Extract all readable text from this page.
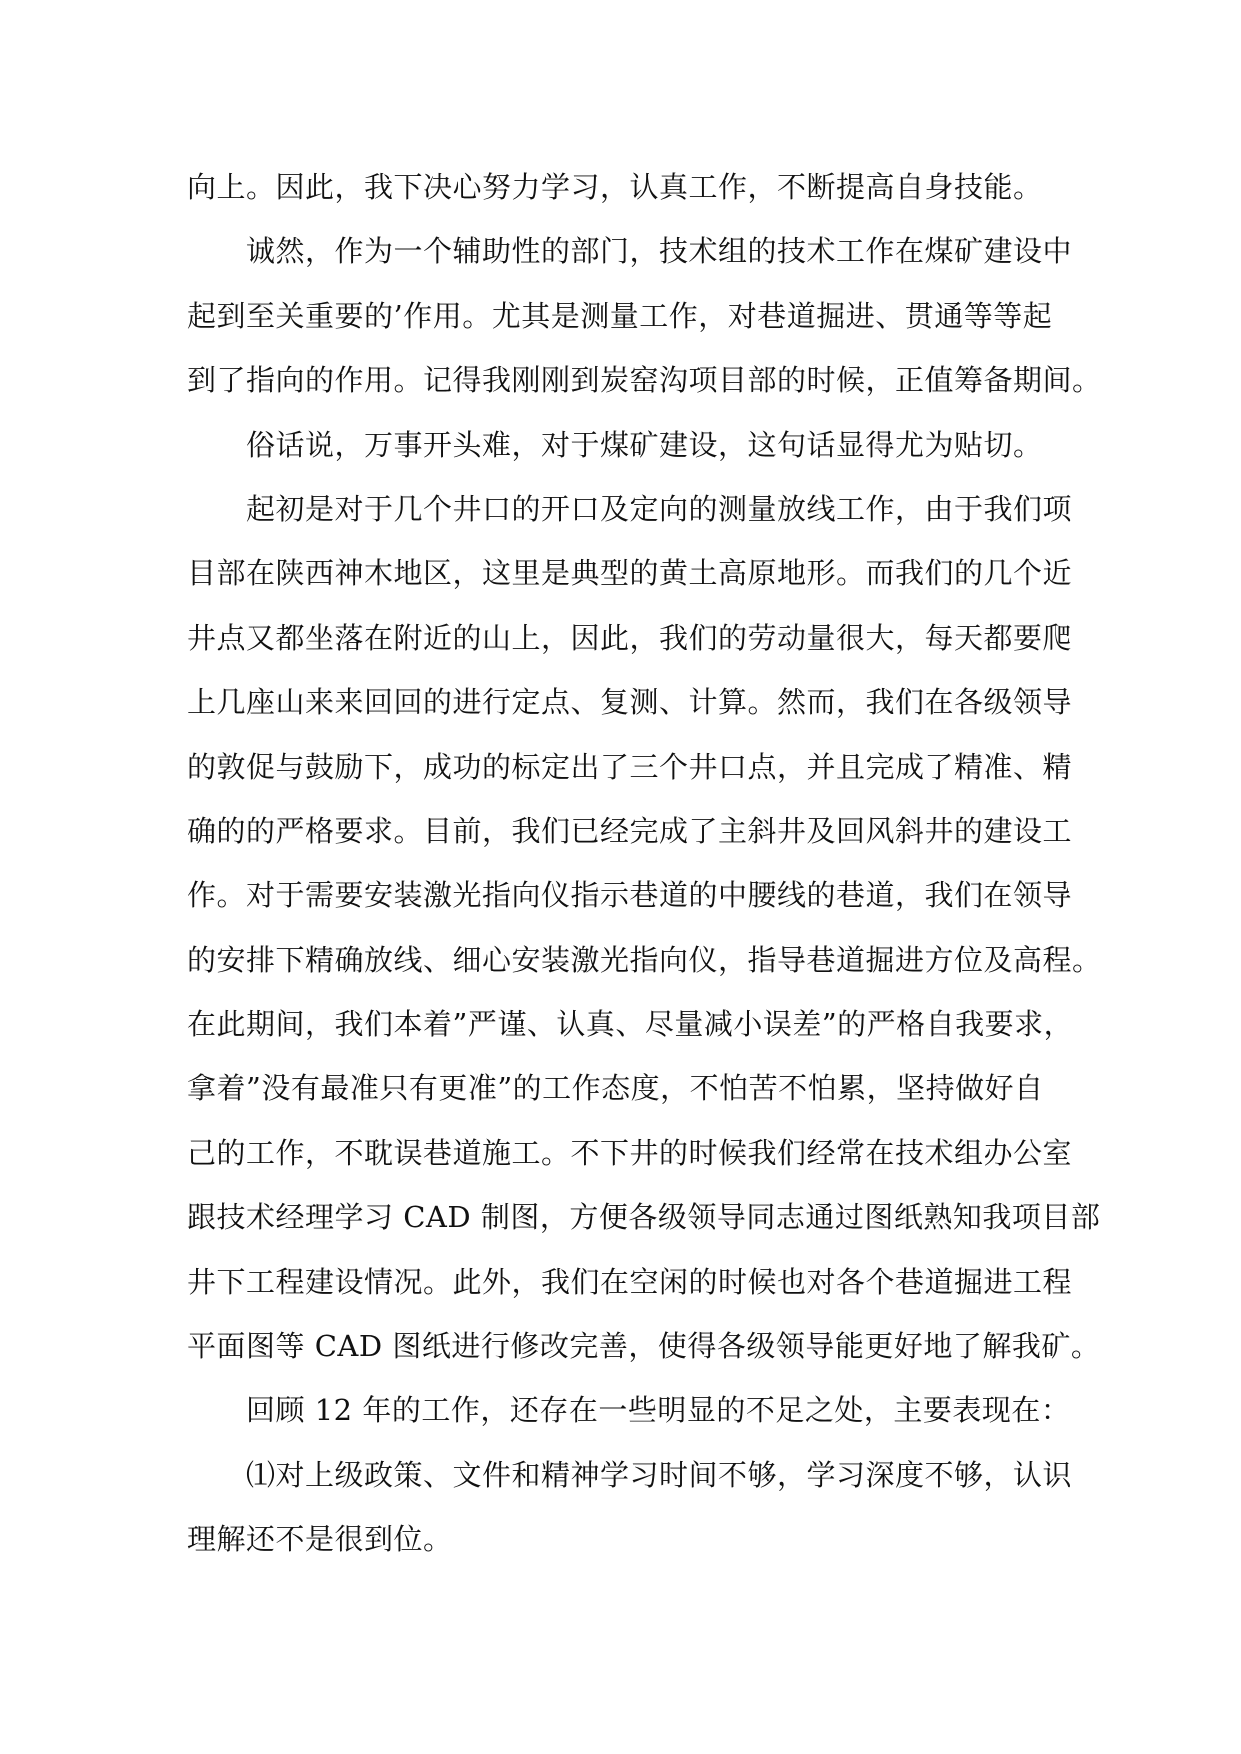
向上。因此，我下决心努力学习，认真工作，不断提高自身技能。
　　诚然，作为一个辅助性的部门，技术组的技术工作在煤矿建设中
起到至关重要的’作用。尤其是测量工作，对巷道掘进、贯通等等起
到了指向的作用。记得我刚刚到炭窑沟项目部的时候，正值筹备期间。
　　俗话说，万事开头难，对于煤矿建设，这句话显得尤为贴切。
　　起初是对于几个井口的开口及定向的测量放线工作，由于我们项
目部在陕西神木地区，这里是典型的黄土高原地形。而我们的几个近
井点又都坐落在附近的山上，因此，我们的劳动量很大，每天都要爬
上几座山来来回回的进行定点、复测、计算。然而，我们在各级领导
的敦促与鼓励下，成功的标定出了三个井口点，并且完成了精准、精
确的的严格要求。目前，我们已经完成了主斜井及回风斜井的建设工
作。对于需要安装激光指向仪指示巷道的中腰线的巷道，我们在领导
的安排下精确放线、细心安装激光指向仪，指导巷道掘进方位及高程。
在此期间，我们本着”严谨、认真、尽量减小误差”的严格自我要求，
拿着”没有最准只有更准”的工作态度，不怕苦不怕累，坚持做好自
己的工作，不耽误巷道施工。不下井的时候我们经常在技术组办公室
跟技术经理学习 CAD 制图，方便各级领导同志通过图纸熟知我项目部
井下工程建设情况。此外，我们在空闲的时候也对各个巷道掘进工程
平面图等 CAD 图纸进行修改完善，使得各级领导能更好地了解我矿。
　　回顾 12 年的工作，还存在一些明显的不足之处，主要表现在：
　　⑴对上级政策、文件和精神学习时间不够，学习深度不够，认识
理解还不是很到位。
